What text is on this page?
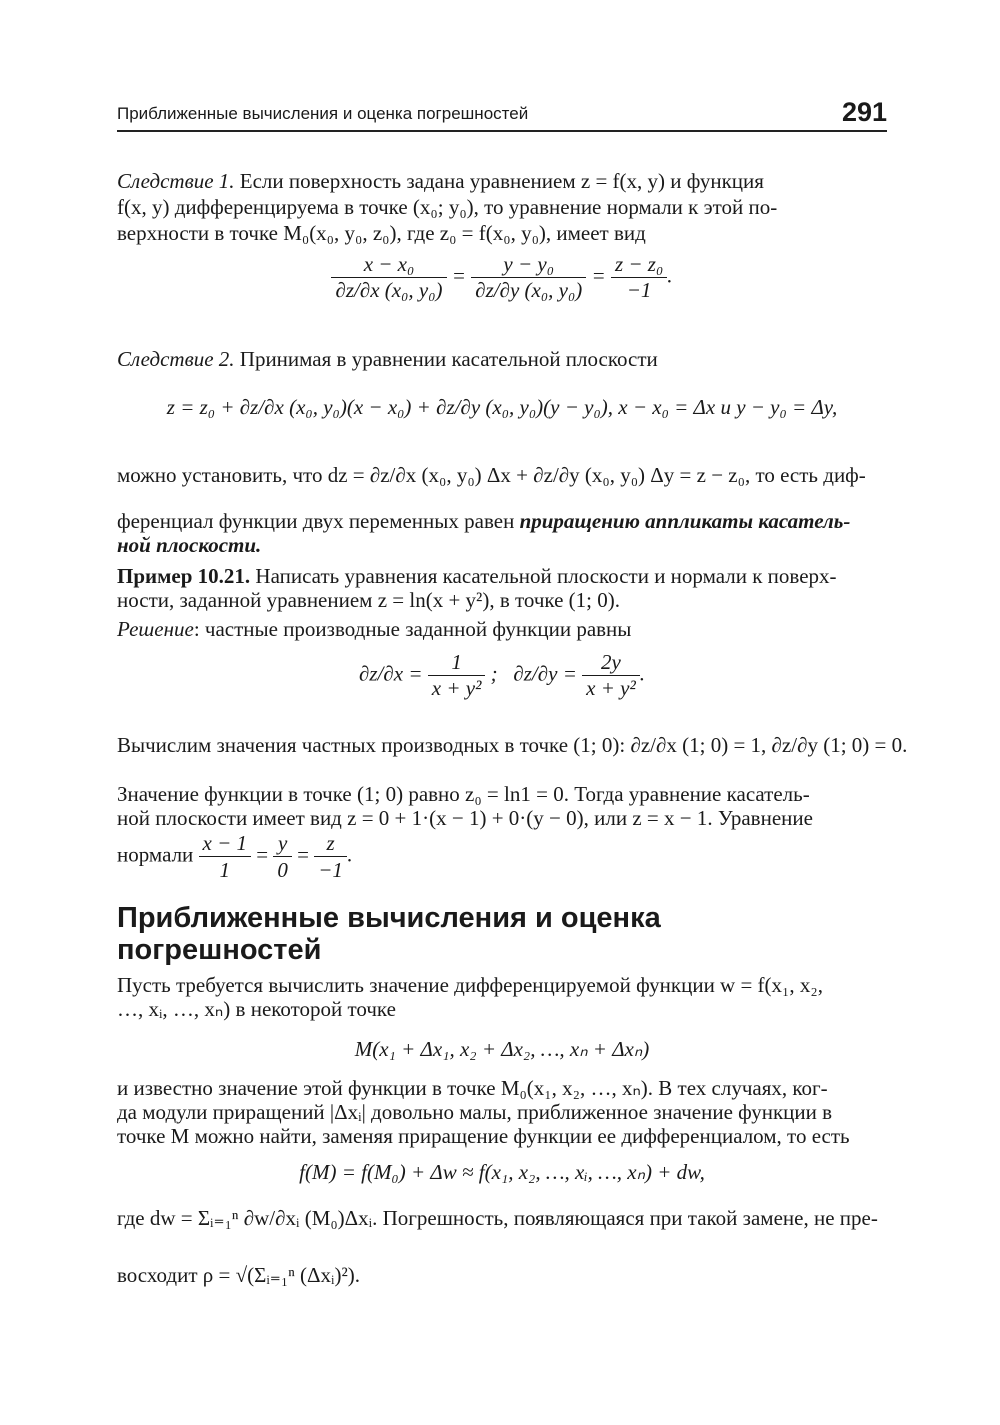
Приближенные вычисления и оценка погрешностей	291
Следствие 1. Если поверхность задана уравнением z = f(x, y) и функция
f(x, y) дифференцируема в точке (x₀; y₀), то уравнение нормали к этой по-
верхности в точке M₀(x₀, y₀, z₀), где z₀ = f(x₀, y₀), имеет вид
$\frac{\text{x − x₀}}{\text{∂z/∂x (x₀, y₀)}} = \frac{\text{y − y₀}}{\text{∂z/∂y (x₀, y₀)}} = \frac{\text{z − z₀}}{-1}$ .
Следствие 2. Принимая в уравнении касательной плоскости
z = z₀ + ∂z/∂x (x₀, y₀)(x − x₀) + ∂z/∂y (x₀, y₀)(y − y₀), x − x₀ = Δx и y − y₀ = Δy,
можно установить, что dz = ∂z/∂x (x₀, y₀) Δx + ∂z/∂y (x₀, y₀) Δy = z − z₀, то есть диф-
ференциал функции двух переменных равен приращению аппликаты касатель-
ной плоскости.
Пример 10.21. Написать уравнения касательной плоскости и нормали к поверх-
ности, заданной уравнением z = ln(x + y²), в точке (1; 0).
Решение: частные производные заданной функции равны
$\partial z/\partial x = \frac{1}{\text{x + y²}}$ ;   $\partial z/\partial y = \frac{2y}{\text{x + y²}}$ .
Вычислим значения частных производных в точке (1; 0): ∂z/∂x (1; 0) = 1, ∂z/∂y (1; 0) = 0.
Значение функции в точке (1; 0) равно z₀ = ln1 = 0. Тогда уравнение касатель-
ной плоскости имеет вид z = 0 + 1·(x − 1) + 0·(y − 0), или z = x − 1. Уравнение
нормали $\frac{x - 1}{1} = \frac{y}{0} = \frac{z}{-1}$ .
Приближенные вычисления и оценка
погрешностей
Пусть требуется вычислить значение дифференцируемой функции w = f(x₁, x₂,
…, xᵢ, …, xₙ) в некоторой точке
M(x₁ + Δx₁, x₂ + Δx₂, …, xₙ + Δxₙ)
и известно значение этой функции в точке M₀(x₁, x₂, …, xₙ). В тех случаях, ког-
да модули приращений |Δxᵢ| довольно малы, приближенное значение функции в
точке M можно найти, заменяя приращение функции ее дифференциалом, то есть
f(M) = f(M₀) + Δw ≈ f(x₁, x₂, …, xᵢ, …, xₙ) + dw,
где dw = Σᵢ₌₁ⁿ ∂w/∂xᵢ (M₀)Δxᵢ. Погрешность, появляющаяся при такой замене, не пре-
восходит ρ = √(Σᵢ₌₁ⁿ (Δxᵢ)²).
